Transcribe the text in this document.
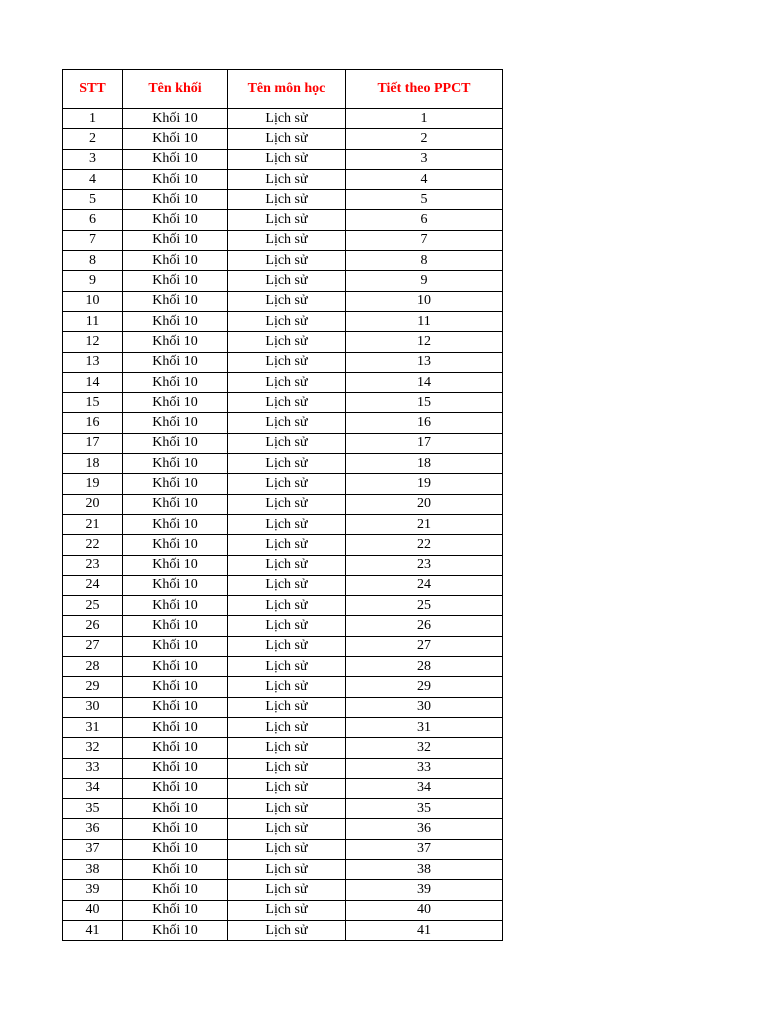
STT	Tên khối	Tên môn học	Tiết theo PPCT
1	Khối 10	Lịch sử	1
2	Khối 10	Lịch sử	2
3	Khối 10	Lịch sử	3
4	Khối 10	Lịch sử	4
5	Khối 10	Lịch sử	5
6	Khối 10	Lịch sử	6
7	Khối 10	Lịch sử	7
8	Khối 10	Lịch sử	8
9	Khối 10	Lịch sử	9
10	Khối 10	Lịch sử	10
11	Khối 10	Lịch sử	11
12	Khối 10	Lịch sử	12
13	Khối 10	Lịch sử	13
14	Khối 10	Lịch sử	14
15	Khối 10	Lịch sử	15
16	Khối 10	Lịch sử	16
17	Khối 10	Lịch sử	17
18	Khối 10	Lịch sử	18
19	Khối 10	Lịch sử	19
20	Khối 10	Lịch sử	20
21	Khối 10	Lịch sử	21
22	Khối 10	Lịch sử	22
23	Khối 10	Lịch sử	23
24	Khối 10	Lịch sử	24
25	Khối 10	Lịch sử	25
26	Khối 10	Lịch sử	26
27	Khối 10	Lịch sử	27
28	Khối 10	Lịch sử	28
29	Khối 10	Lịch sử	29
30	Khối 10	Lịch sử	30
31	Khối 10	Lịch sử	31
32	Khối 10	Lịch sử	32
33	Khối 10	Lịch sử	33
34	Khối 10	Lịch sử	34
35	Khối 10	Lịch sử	35
36	Khối 10	Lịch sử	36
37	Khối 10	Lịch sử	37
38	Khối 10	Lịch sử	38
39	Khối 10	Lịch sử	39
40	Khối 10	Lịch sử	40
41	Khối 10	Lịch sử	41
